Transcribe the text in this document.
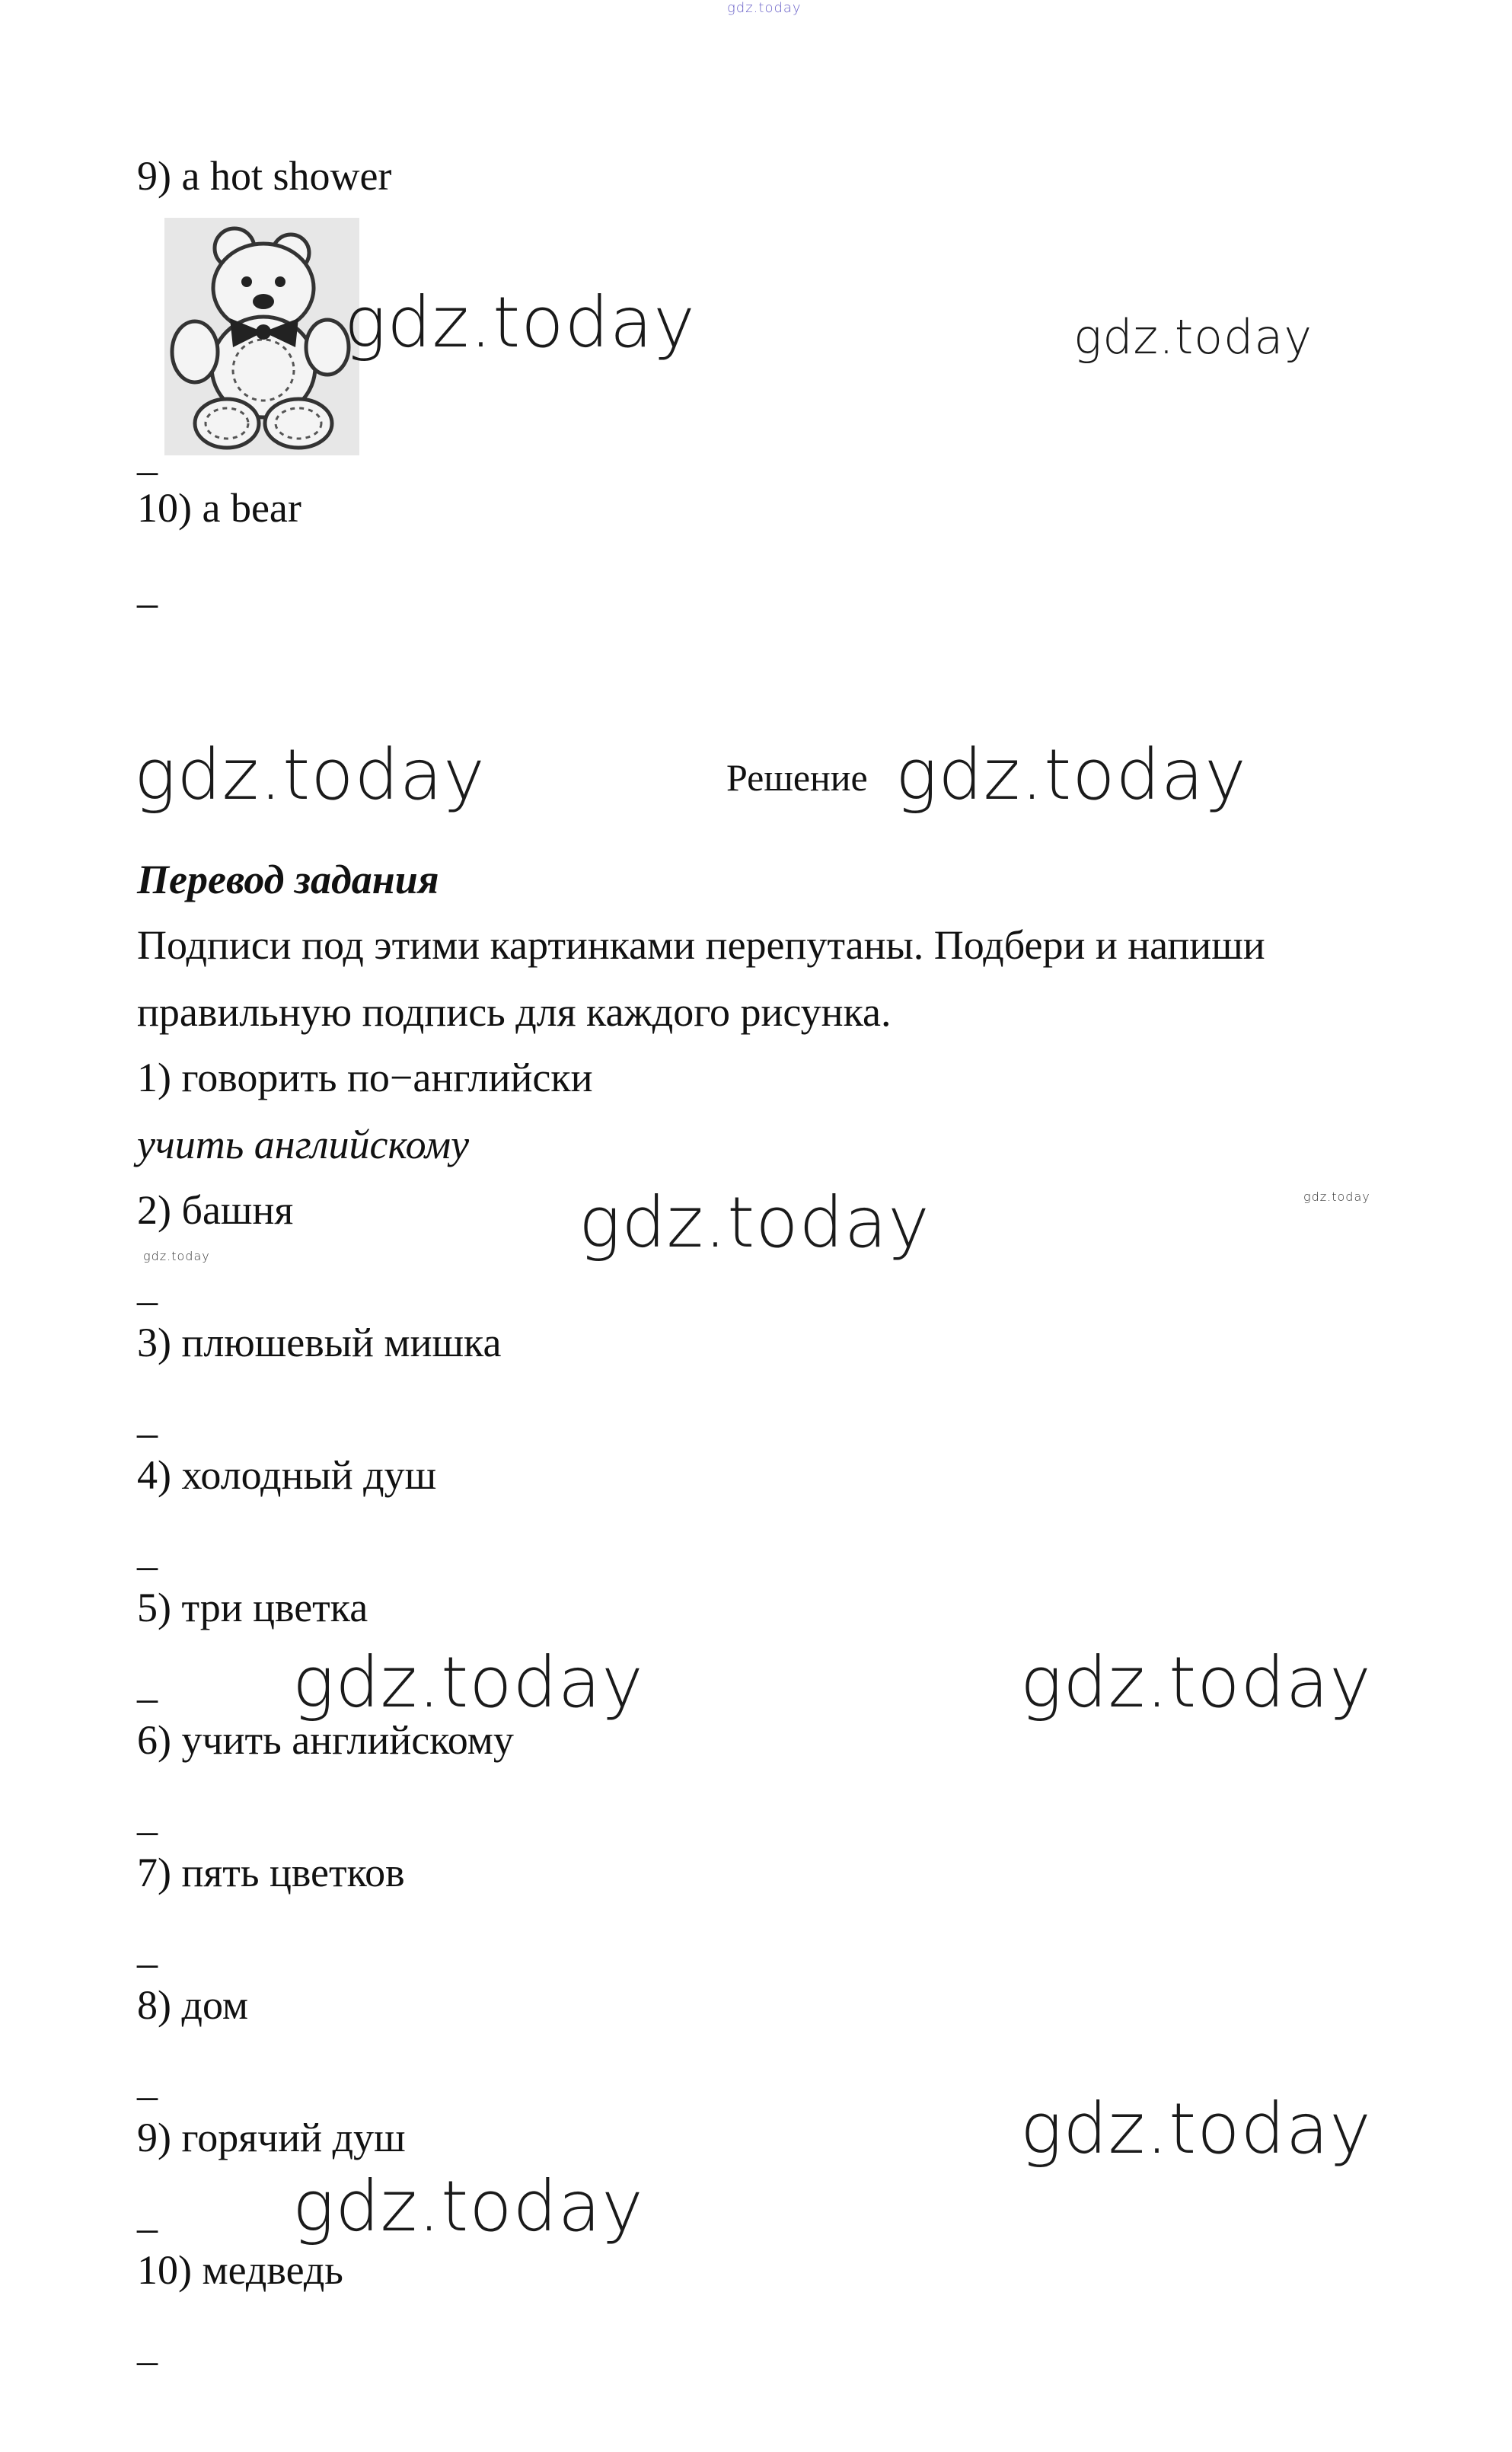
gdz.today
9) a hot shower
gdz.today	gdz.today
_
10) a bear
_
gdz.today	Решение gdz.today
Перевод задания
Подписи под этими картинками перепутаны. Подбери и напиши
правильную подпись для каждого рисунка.
1) говорить по−английски
учить английскому
2) башня	gdz.today	gdz.today
gdz.today
_
3) плюшевый мишка
_
4) холодный душ
_
5) три цветка
gdz.today	gdz.today
_
6) учить английскому
_
7) пять цветков
_
8) дом
_
gdz.today
9) горячий душ
gdz.today
_
10) медведь
_
